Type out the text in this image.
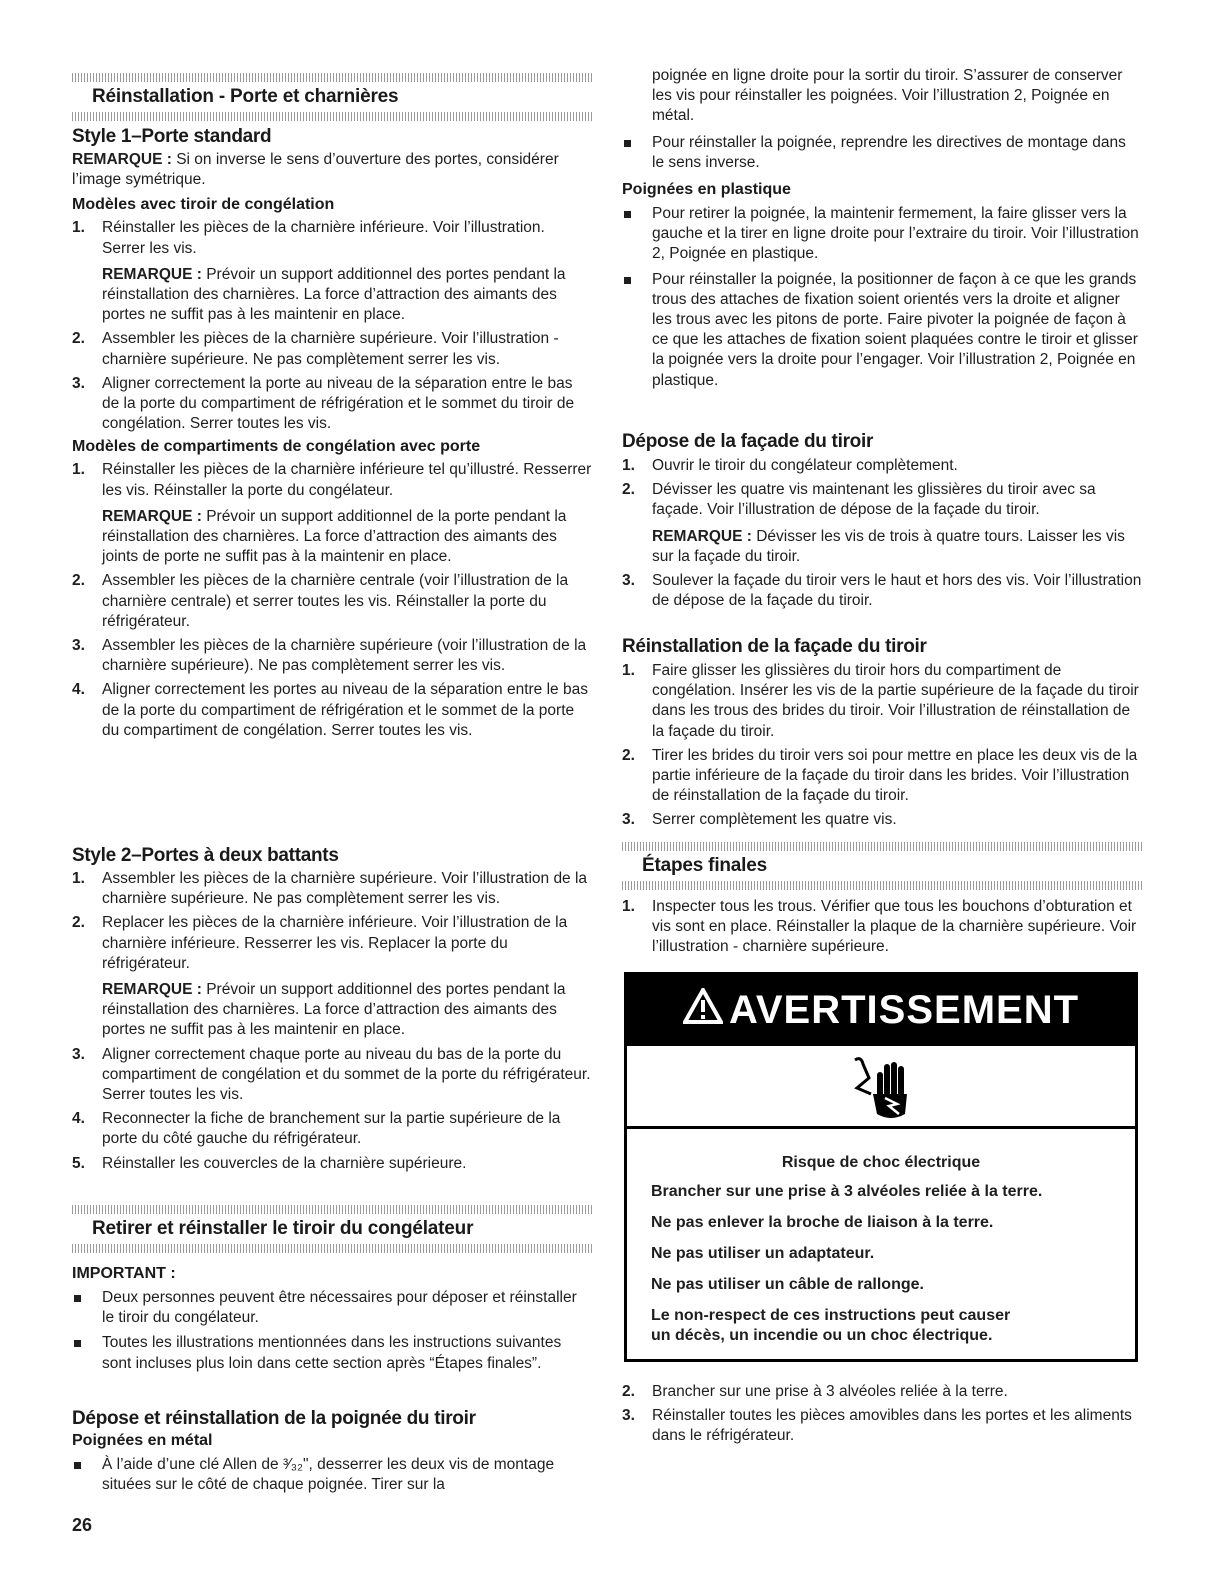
Réinstallation - Porte et charnières
Style 1–Porte standard

REMARQUE : Si on inverse le sens d’ouverture des portes, considérer l’image symétrique.

Modèles avec tiroir de congélation
1. Réinstaller les pièces de la charnière inférieure. Voir l’illustration. Serrer les vis.

REMARQUE : Prévoir un support additionnel des portes pendant la réinstallation des charnières. La force d’attraction des aimants des portes ne suffit pas à les maintenir en place.

2. Assembler les pièces de la charnière supérieure. Voir l’illustration - charnière supérieure. Ne pas complètement serrer les vis.
3. Aligner correctement la porte au niveau de la séparation entre le bas de la porte du compartiment de réfrigération et le sommet du tiroir de congélation. Serrer toutes les vis.
Modèles de compartiments de congélation avec porte
1. Réinstaller les pièces de la charnière inférieure tel qu’illustré. Resserrer les vis. Réinstaller la porte du congélateur.

REMARQUE : Prévoir un support additionnel de la porte pendant la réinstallation des charnières. La force d’attraction des aimants des joints de porte ne suffit pas à la maintenir en place.

2. Assembler les pièces de la charnière centrale (voir l’illustration de la charnière centrale) et serrer toutes les vis. Réinstaller la porte du réfrigérateur.
3. Assembler les pièces de la charnière supérieure (voir l’illustration de la charnière supérieure). Ne pas complètement serrer les vis.
4. Aligner correctement les portes au niveau de la séparation entre le bas de la porte du compartiment de réfrigération et le sommet de la porte du compartiment de congélation. Serrer toutes les vis.
Style 2–Portes à deux battants
1. Assembler les pièces de la charnière supérieure. Voir l’illustration de la charnière supérieure. Ne pas complètement serrer les vis.
2. Replacer les pièces de la charnière inférieure. Voir l’illustration de la charnière inférieure. Resserrer les vis. Replacer la porte du réfrigérateur.

REMARQUE : Prévoir un support additionnel des portes pendant la réinstallation des charnières. La force d’attraction des aimants des portes ne suffit pas à les maintenir en place.

3. Aligner correctement chaque porte au niveau du bas de la porte du compartiment de congélation et du sommet de la porte du réfrigérateur. Serrer toutes les vis.
4. Reconnecter la fiche de branchement sur la partie supérieure de la porte du côté gauche du réfrigérateur.
5. Réinstaller les couvercles de la charnière supérieure.
Retirer et réinstaller le tiroir du congélateur
IMPORTANT :
Deux personnes peuvent être nécessaires pour déposer et réinstaller le tiroir du congélateur.
Toutes les illustrations mentionnées dans les instructions suivantes sont incluses plus loin dans cette section après “Étapes finales”.
Dépose et réinstallation de la poignée du tiroir
Poignées en métal
À l’aide d’une clé Allen de ³⁄₃₂", desserrer les deux vis de montage situées sur le côté de chaque poignée. Tirer sur la

poignée en ligne droite pour la sortir du tiroir. S’assurer de conserver les vis pour réinstaller les poignées. Voir l’illustration 2, Poignée en métal.

Pour réinstaller la poignée, reprendre les directives de montage dans le sens inverse.
Poignées en plastique
Pour retirer la poignée, la maintenir fermement, la faire glisser vers la gauche et la tirer en ligne droite pour l’extraire du tiroir. Voir l’illustration 2, Poignée en plastique.
Pour réinstaller la poignée, la positionner de façon à ce que les grands trous des attaches de fixation soient orientés vers la droite et aligner les trous avec les pitons de porte. Faire pivoter la poignée de façon à ce que les attaches de fixation soient plaquées contre le tiroir et glisser la poignée vers la droite pour l’engager. Voir l’illustration 2, Poignée en plastique.
Dépose de la façade du tiroir
1. Ouvrir le tiroir du congélateur complètement.
2. Dévisser les quatre vis maintenant les glissières du tiroir avec sa façade. Voir l’illustration de dépose de la façade du tiroir.

REMARQUE : Dévisser les vis de trois à quatre tours. Laisser les vis sur la façade du tiroir.

3. Soulever la façade du tiroir vers le haut et hors des vis. Voir l’illustration de dépose de la façade du tiroir.
Réinstallation de la façade du tiroir
1. Faire glisser les glissières du tiroir hors du compartiment de congélation. Insérer les vis de la partie supérieure de la façade du tiroir dans les trous des brides du tiroir. Voir l’illustration de réinstallation de la façade du tiroir.
2. Tirer les brides du tiroir vers soi pour mettre en place les deux vis de la partie inférieure de la façade du tiroir dans les brides. Voir l’illustration de réinstallation de la façade du tiroir.
3. Serrer complètement les quatre vis.
Étapes finales
1. Inspecter tous les trous. Vérifier que tous les bouchons d’obturation et vis sont en place. Réinstaller la plaque de la charnière supérieure. Voir l’illustration - charnière supérieure.
2. Brancher sur une prise à 3 alvéoles reliée à la terre.
3. Réinstaller toutes les pièces amovibles dans les portes et les aliments dans le réfrigérateur.
AVERTISSEMENT
Risque de choc électrique
Brancher sur une prise à 3 alvéoles reliée à la terre.
Ne pas enlever la broche de liaison à la terre.
Ne pas utiliser un adaptateur.
Ne pas utiliser un câble de rallonge.
Le non-respect de ces instructions peut causer
un décès, un incendie ou un choc électrique.
26
